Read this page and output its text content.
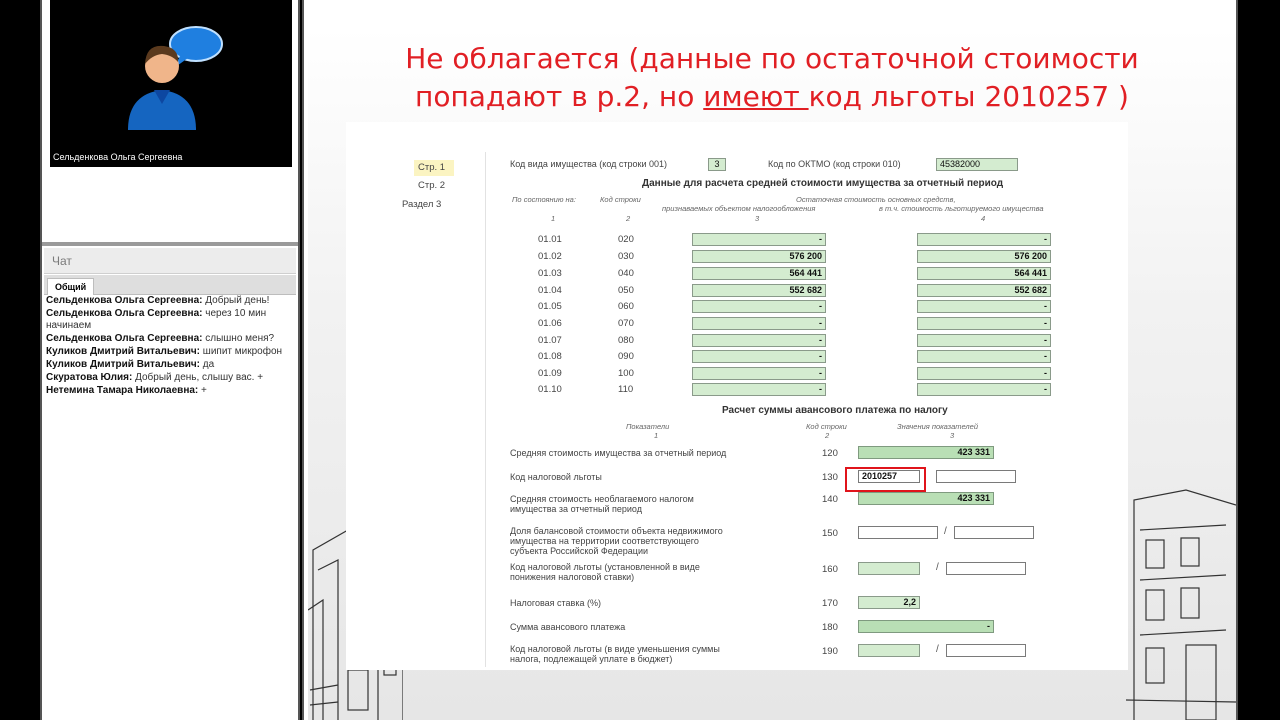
Сельденкова Ольга Сергеевна
Чат
Общий
Сельденкова Ольга Сергеевна: Добрый день!
Сельденкова Ольга Сергеевна: через 10 мин начинаем
Сельденкова Ольга Сергеевна: слышно меня?
Куликов Дмитрий Витальевич: шипит микрофон
Куликов Дмитрий Витальевич: да
Скуратова Юлия: Добрый день, слышу вас. +
Нетемина Тамара Николаевна: +
Не облагается (данные по остаточной стоимости
попадают в р.2, но имеют код льготы 2010257 )
Стр. 1
Стр. 2
Раздел 3
Код вида имущества (код строки 001)	3	Код по ОКТМО (код строки 010)	45382000
Данные для расчета средней стоимости имущества за отчетный период
По состоянию на:	Код строки	Остаточная стоимость основных средств,
признаваемых объектом налогообложения	в т.ч. стоимость льготируемого имущества
1	2	3	4
01.01	020	-	-
01.02	030	576 200	576 200
01.03	040	564 441	564 441
01.04	050	552 682	552 682
01.05	060	-	-
01.06	070	-	-
01.07	080	-	-
01.08	090	-	-
01.09	100	-	-
01.10	110	-	-
Расчет суммы авансового платежа по налогу
Показатели	Код строки	Значения показателей
1	2	3
Средняя стоимость имущества за отчетный период	120	423 331
Код налоговой льготы	130	2010257
Средняя стоимость необлагаемого налогом
имущества за отчетный период
140	423 331
Доля балансовой стоимости объекта недвижимого
имущества на территории соответствующего
субъекта Российской Федерации
150	/
Код налоговой льготы (установленной в виде
понижения налоговой ставки)
160	/
Налоговая ставка (%)	170	2,2
Сумма авансового платежа	180	-
Код налоговой льготы (в виде уменьшения суммы
налога, подлежащей уплате в бюджет)
190	/
